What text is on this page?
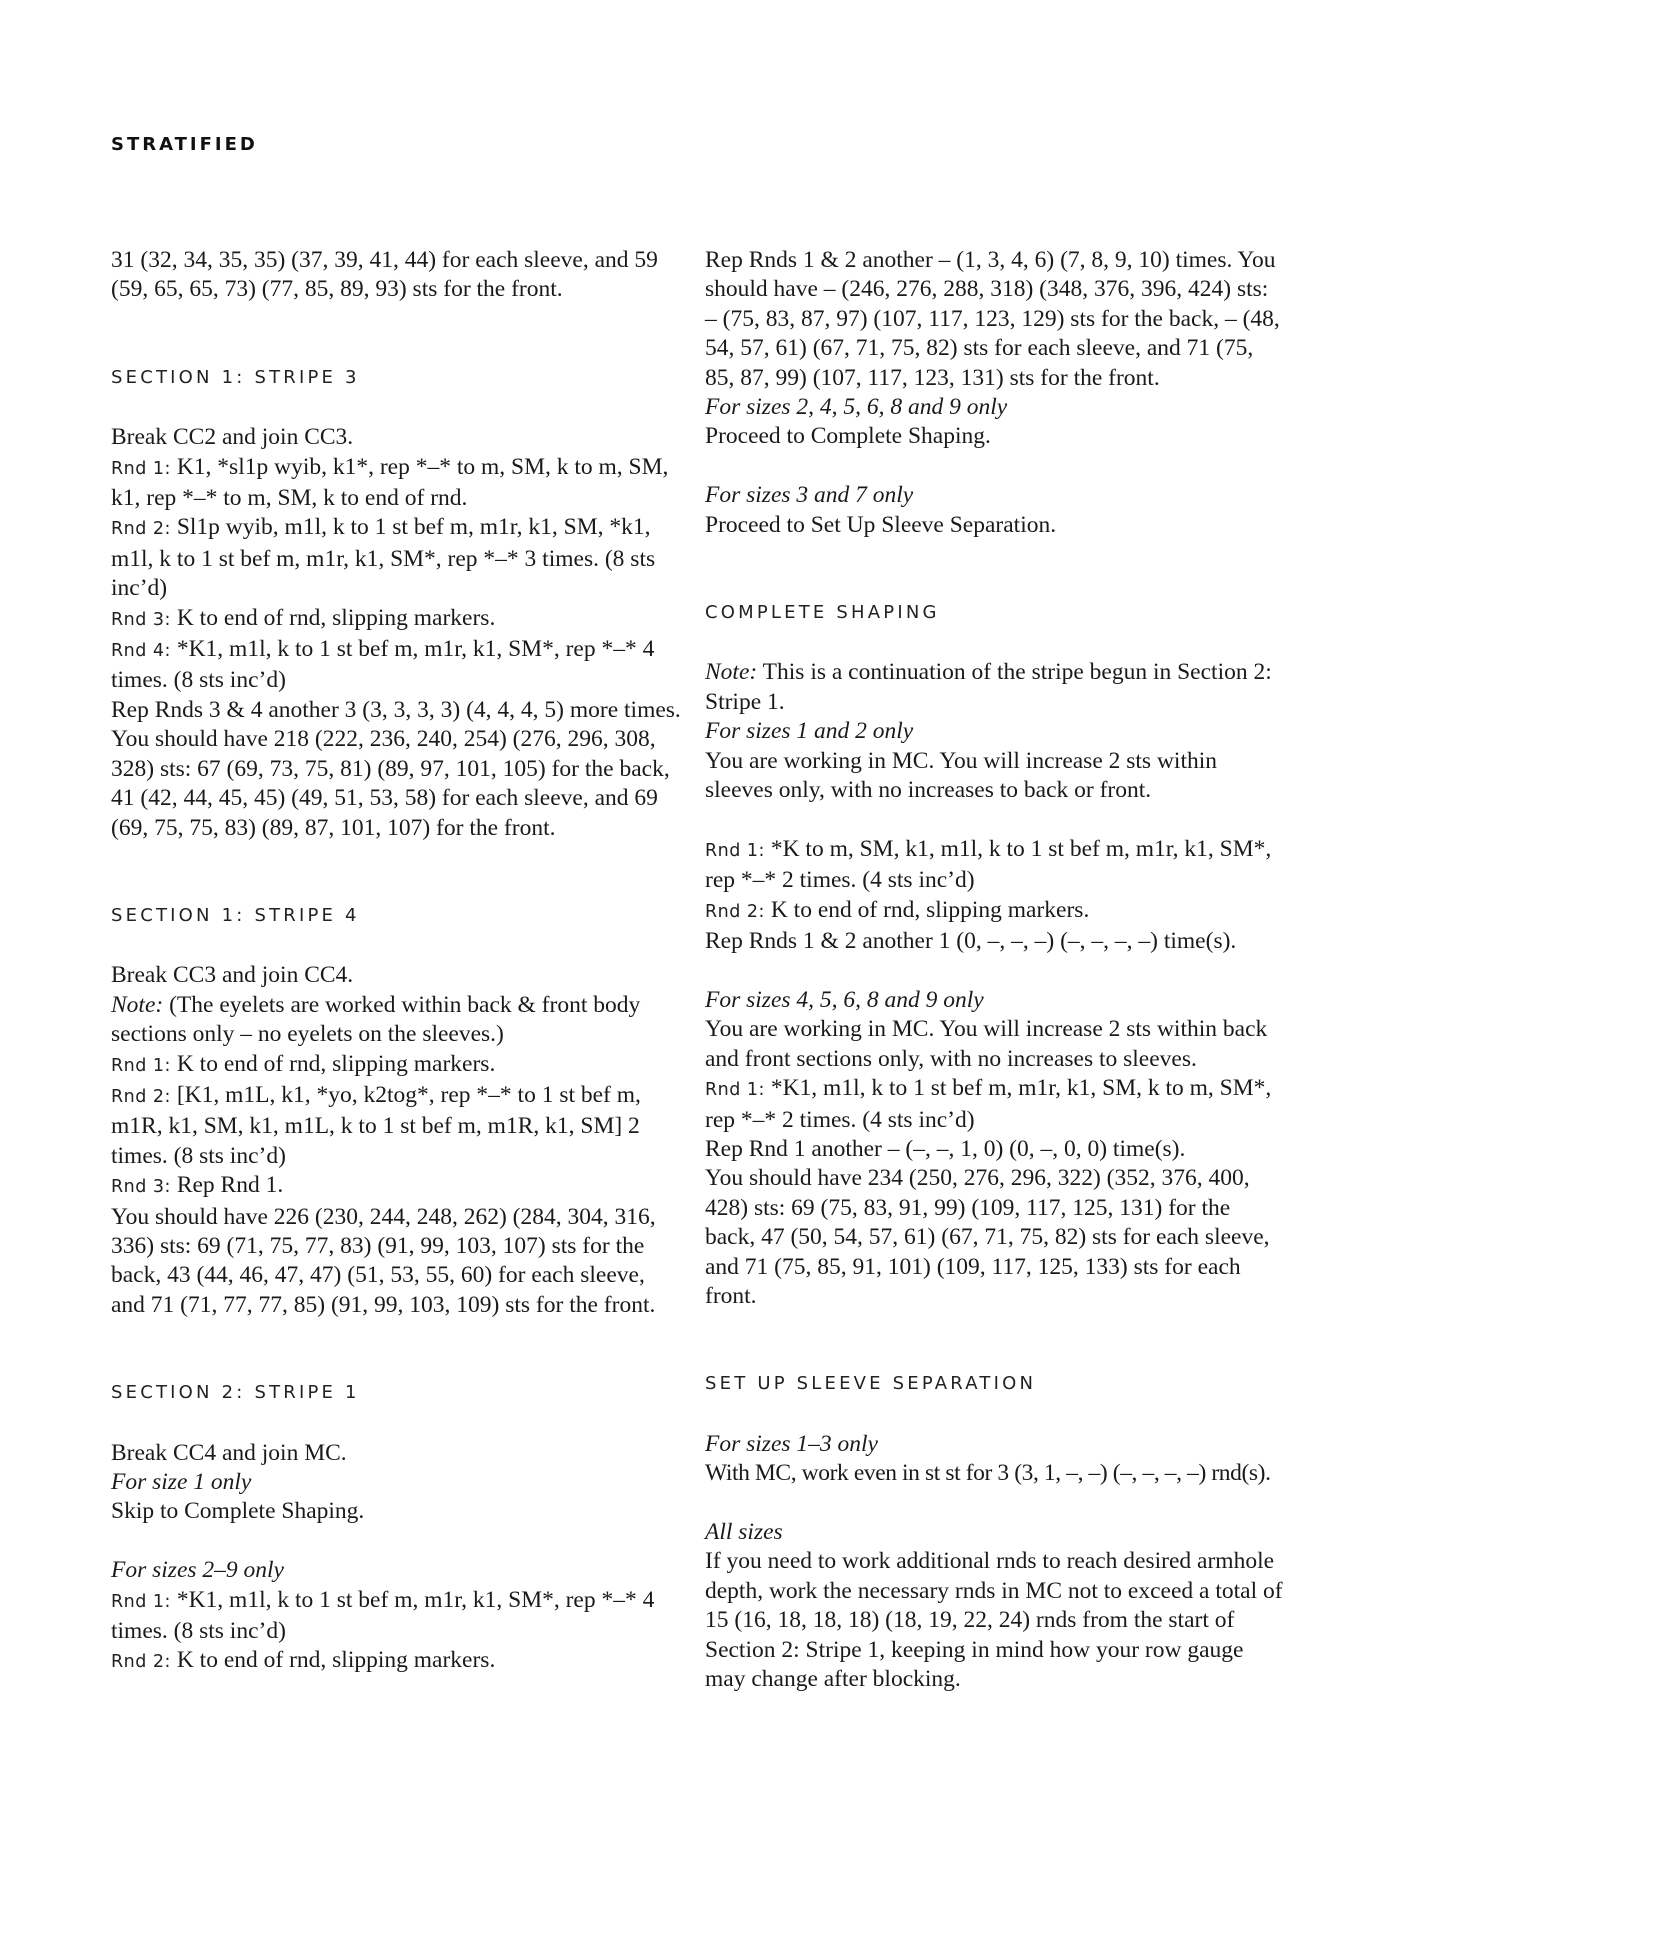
STRATIFIED

31 (32, 34, 35, 35) (37, 39, 41, 44) for each sleeve, and 59 (59, 65, 65, 73) (77, 85, 89, 93) sts for the front.

SECTION 1: STRIPE 3

Break CC2 and join CC3.

Rnd 1: K1, *sl1p wyib, k1*, rep *–* to m, SM, k to m, SM, k1, rep *–* to m, SM, k to end of rnd.

Rnd 2: Sl1p wyib, m1l, k to 1 st bef m, m1r, k1, SM, *k1, m1l, k to 1 st bef m, m1r, k1, SM*, rep *–* 3 times. (8 sts inc’d)

Rnd 3: K to end of rnd, slipping markers.

Rnd 4: *K1, m1l, k to 1 st bef m, m1r, k1, SM*, rep *–* 4 times. (8 sts inc’d)

Rep Rnds 3 & 4 another 3 (3, 3, 3, 3) (4, 4, 4, 5) more times.

You should have 218 (222, 236, 240, 254) (276, 296, 308, 328) sts: 67 (69, 73, 75, 81) (89, 97, 101, 105) for the back, 41 (42, 44, 45, 45) (49, 51, 53, 58) for each sleeve, and 69 (69, 75, 75, 83) (89, 87, 101, 107) for the front.

SECTION 1: STRIPE 4

Break CC3 and join CC4.

Note: (The eyelets are worked within back & front body sections only – no eyelets on the sleeves.)

Rnd 1: K to end of rnd, slipping markers.

Rnd 2: [K1, m1L, k1, *yo, k2tog*, rep *–* to 1 st bef m, m1R, k1, SM, k1, m1L, k to 1 st bef m, m1R, k1, SM] 2 times. (8 sts inc’d)

Rnd 3: Rep Rnd 1.

You should have 226 (230, 244, 248, 262) (284, 304, 316, 336) sts: 69 (71, 75, 77, 83) (91, 99, 103, 107) sts for the back, 43 (44, 46, 47, 47) (51, 53, 55, 60) for each sleeve, and 71 (71, 77, 77, 85) (91, 99, 103, 109) sts for the front.

SECTION 2: STRIPE 1

Break CC4 and join MC.

For size 1 only

Skip to Complete Shaping.

For sizes 2–9 only

Rnd 1: *K1, m1l, k to 1 st bef m, m1r, k1, SM*, rep *–* 4 times. (8 sts inc’d)

Rnd 2: K to end of rnd, slipping markers.

Rep Rnds 1 & 2 another – (1, 3, 4, 6) (7, 8, 9, 10) times. You should have – (246, 276, 288, 318) (348, 376, 396, 424) sts: – (75, 83, 87, 97) (107, 117, 123, 129) sts for the back, – (48, 54, 57, 61) (67, 71, 75, 82) sts for each sleeve, and 71 (75, 85, 87, 99) (107, 117, 123, 131) sts for the front.

For sizes 2, 4, 5, 6, 8 and 9 only

Proceed to Complete Shaping.

For sizes 3 and 7 only

Proceed to Set Up Sleeve Separation.

COMPLETE SHAPING

Note: This is a continuation of the stripe begun in Section 2: Stripe 1.

For sizes 1 and 2 only

You are working in MC. You will increase 2 sts within sleeves only, with no increases to back or front.

Rnd 1: *K to m, SM, k1, m1l, k to 1 st bef m, m1r, k1, SM*, rep *–* 2 times. (4 sts inc’d)

Rnd 2: K to end of rnd, slipping markers.

Rep Rnds 1 & 2 another 1 (0, –, –, –) (–, –, –, –) time(s).

For sizes 4, 5, 6, 8 and 9 only

You are working in MC. You will increase 2 sts within back and front sections only, with no increases to sleeves.

Rnd 1: *K1, m1l, k to 1 st bef m, m1r, k1, SM, k to m, SM*, rep *–* 2 times. (4 sts inc’d)

Rep Rnd 1 another – (–, –, 1, 0) (0, –, 0, 0) time(s).

You should have 234 (250, 276, 296, 322) (352, 376, 400, 428) sts: 69 (75, 83, 91, 99) (109, 117, 125, 131) for the back, 47 (50, 54, 57, 61) (67, 71, 75, 82) sts for each sleeve, and 71 (75, 85, 91, 101) (109, 117, 125, 133) sts for each front.

SET UP SLEEVE SEPARATION

For sizes 1–3 only

With MC, work even in st st for 3 (3, 1, –, –) (–, –, –, –) rnd(s).

All sizes

If you need to work additional rnds to reach desired armhole depth, work the necessary rnds in MC not to exceed a total of 15 (16, 18, 18, 18) (18, 19, 22, 24) rnds from the start of Section 2: Stripe 1, keeping in mind how your row gauge may change after blocking.
